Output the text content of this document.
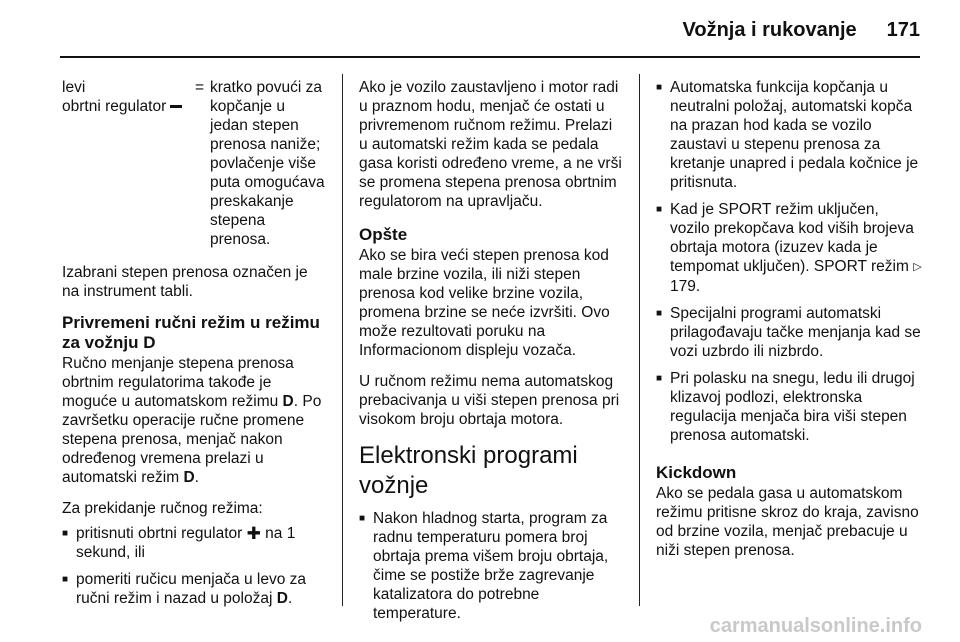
Vožnja i rukovanje 171
levi
obrtni regulator
= kratko povući za kopčanje u jedan stepen prenosa naniže; povlačenje više puta omogućava preskakanje stepena prenosa.

Izabrani stepen prenosa označen je na instrument tabli.

Privremeni ručni režim u režimu za vožnju D

Ručno menjanje stepena prenosa obrtnim regulatorima takođe je moguće u automatskom režimu D. Po završetku operacije ručne promene stepena prenosa, menjač nakon određenog vremena prelazi u automatski režim D.

Za prekidanje ručnog režima:

■ pritisnuti obrtni regulator ✚ na 1 sekund, ili
■ pomeriti ručicu menjača u levo za ručni režim i nazad u položaj D.

Ako je vozilo zaustavljeno i motor radi u praznom hodu, menjač će ostati u privremenom ručnom režimu. Prelazi u automatski režim kada se pedala gasa koristi određeno vreme, a ne vrši se promena stepena prenosa obrtnim regulatorom na upravljaču.

Opšte

Ako se bira veći stepen prenosa kod male brzine vozila, ili niži stepen prenosa kod velike brzine vozila, promena brzine se neće izvršiti. Ovo može rezultovati poruku na Informacionom displeju vozača.

U ručnom režimu nema automatskog prebacivanja u viši stepen prenosa pri visokom broju obrtaja motora.

Elektronski programi
vožnje
■ Nakon hladnog starta, program za radnu temperaturu pomera broj obrtaja prema višem broju obrtaja, čime se postiže brže zagrevanje katalizatora do potrebne temperature.
■ Automatska funkcija kopčanja u neutralni položaj, automatski kopča na prazan hod kada se vozilo zaustavi u stepenu prenosa za kretanje unapred i pedala kočnice je pritisnuta.
■ Kad je SPORT režim uključen, vozilo prekopčava kod viših brojeva obrtaja motora (izuzev kada je tempomat uključen). SPORT režim ▷ 179.
■ Specijalni programi automatski prilagođavaju tačke menjanja kad se vozi uzbrdo ili nizbrdo.
■ Pri polasku na snegu, ledu ili drugoj klizavoj podlozi, elektronska regulacija menjača bira viši stepen prenosa automatski.
Kickdown

Ako se pedala gasa u automatskom režimu pritisne skroz do kraja, zavisno od brzine vozila, menjač prebacuje u niži stepen prenosa.

carmanualsonline.info
